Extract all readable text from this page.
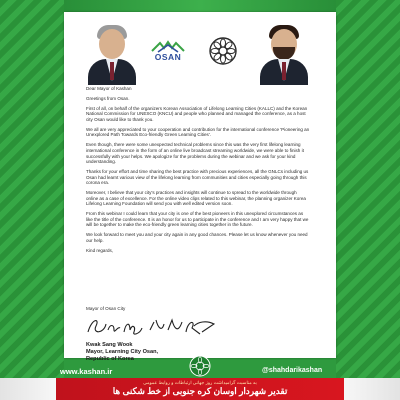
OSAN

Dear Mayor of Kashan

Greetings from Osan.

First of all, on behalf of the organizers Korean Association of Lifelong Learning Cities (KALLC) and the Korean National Commission for UNESCO (KNCU) and people who planned and managed the conference, as a host city Osan would like to thank you.

We all are very appreciated to your cooperation and contribution for the international conference 'Pioneering an Unexplored Path Towards Eco-friendly Green Learning Cities'.

Even though, there were some unexpected technical problems since this was the very first lifelong learning international conference in the form of an online live broadcast streaming worldwide, we were able to finish it successfully with your helps. We apologize for the problems during the webinar and we ask for your kind understanding.

Thanks for your effort and time sharing the best practice with precious experiences, all the GNLCs including us Osan had learnt various view of the lifelong learning from communities and cities especially going through this corona era.

Moreover, I believe that your city's practices and insights will continue to spread to the worldwide through online as a case of excellence. For the online video clips related to this webinar, the planning organizer Korea Lifelong Learning Foundation will send you with well edited version soon.

From this webinar I could learn that your city is one of the best pioneers in this unexplored circumstances as like the title of the conference. It is an honor for us to participate in the conference and I am very happy that we will be together to make the eco-friendly green learning cities together in the future.

We look forward to meet you and your city again in any good chances. Please let us know whenever you need our help.

Kind regards,

Mayor of Osan City
Kwak Sang Wook
Mayor, Learning City Osan,
Republic of Korea
www.kashan.ir	@shahdarikashan
به مناسبت گرامیداشت روز جهانی ارتباطات و روابط عمومی
تقدیر شهردار اوسان کره جنوبی از خط شکنی ها
